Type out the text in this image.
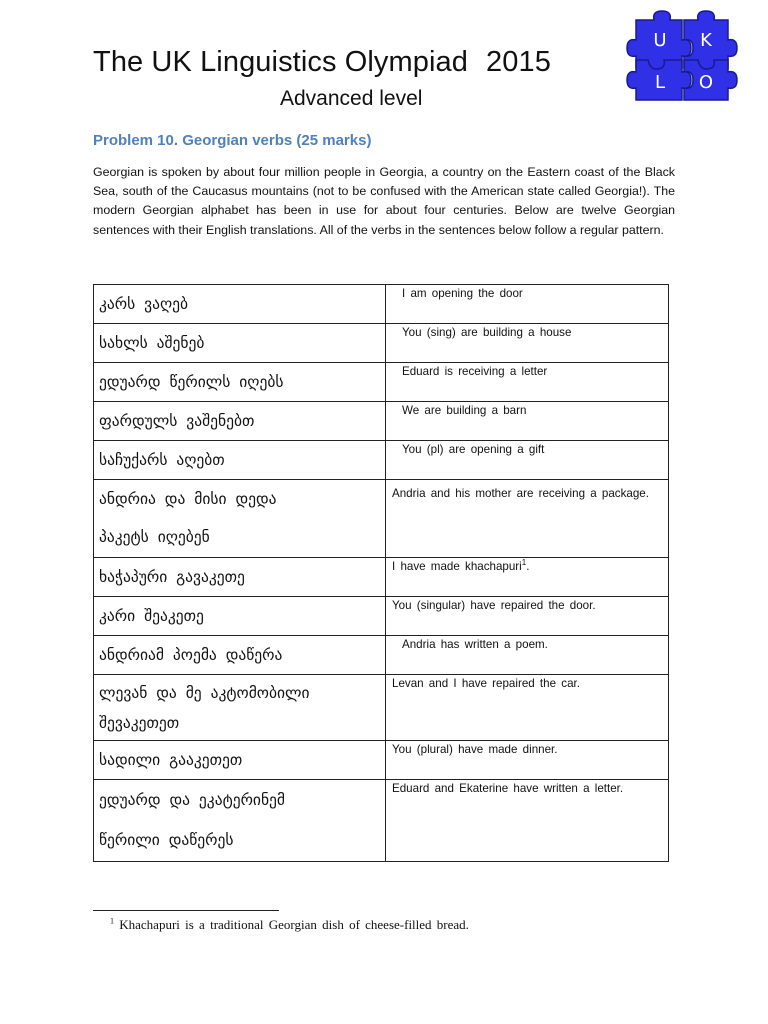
The UK Linguistics Olympiad 2015
Advanced level
U K
L O
Problem 10. Georgian verbs (25 marks)

Georgian is spoken by about four million people in Georgia, a country on the Eastern coast of the Black Sea, south of the Caucasus mountains (not to be confused with the American state called Georgia!). The modern Georgian alphabet has been in use for about four centuries. Below are twelve Georgian sentences with their English translations. All of the verbs in the sentences below follow a regular pattern.

კარს ვაღებ	I am opening the door
სახლს აშენებ	You (sing) are building a house
ედუარდ წერილს იღებს	Eduard is receiving a letter
ფარდულს ვაშენებთ	We are building a barn
საჩუქარს აღებთ	You (pl) are opening a gift

ანდრია და მისი დედა
პაკეტს იღებენ	Andria and his mother are receiving a package.
ხაჭაპური გავაკეთე	I have made khachapuri$^1$.
კარი შეაკეთე	You (singular) have repaired the door.
ანდრიამ პოემა დაწერა	Andria has written a poem.

ლევან და მე აკტომობილი
შევაკეთეთ	Levan and I have repaired the car.
სადილი გააკეთეთ	You (plural) have made dinner.

ედუარდ და ეკატერინემ
წერილი დაწერეს	Eduard and Ekaterine have written a letter.
$^1$ Khachapuri is a traditional Georgian dish of cheese-filled bread.
